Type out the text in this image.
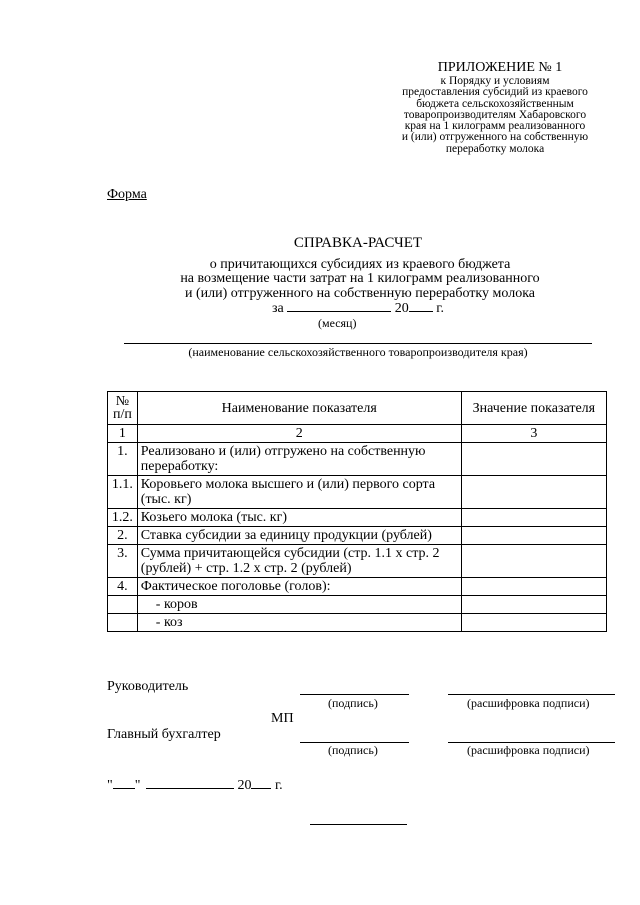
ПРИЛОЖЕНИЕ № 1
к Порядку и условиям
предоставления субсидий из краевого
бюджета сельскохозяйственным
товаропроизводителям Хабаровского
края на 1 килограмм реализованного
и (или) отгруженного на собственную
переработку молока
Форма
СПРАВКА-РАСЧЕТ
о причитающихся субсидиях из краевого бюджета
на возмещение части затрат на 1 килограмм реализованного
и (или) отгруженного на собственную переработку молока
за	20 г.
(месяц)
(наименование сельскохозяйственного товаропроизводителя края)
№
п/п	Наименование показателя	Значение показателя
1	2	3
1.	Реализовано и (или) отгружено на собственную переработку:	
1.1.	Коровьего молока высшего и (или) первого сорта (тыс. кг)	
1.2.	Козьего молока (тыс. кг)	
2.	Ставка субсидии за единицу продукции (рублей)	
3.	Сумма причитающейся субсидии (стр. 1.1 x стр. 2 (рублей) + стр. 1.2 x стр. 2 (рублей)	
4.	Фактическое поголовье (голов):	
	- коров	
	- коз	
Руководитель
(подпись)	(расшифровка подписи)
МП
Главный бухгалтер
(подпись)	(расшифровка подписи)
" "	20 г.
